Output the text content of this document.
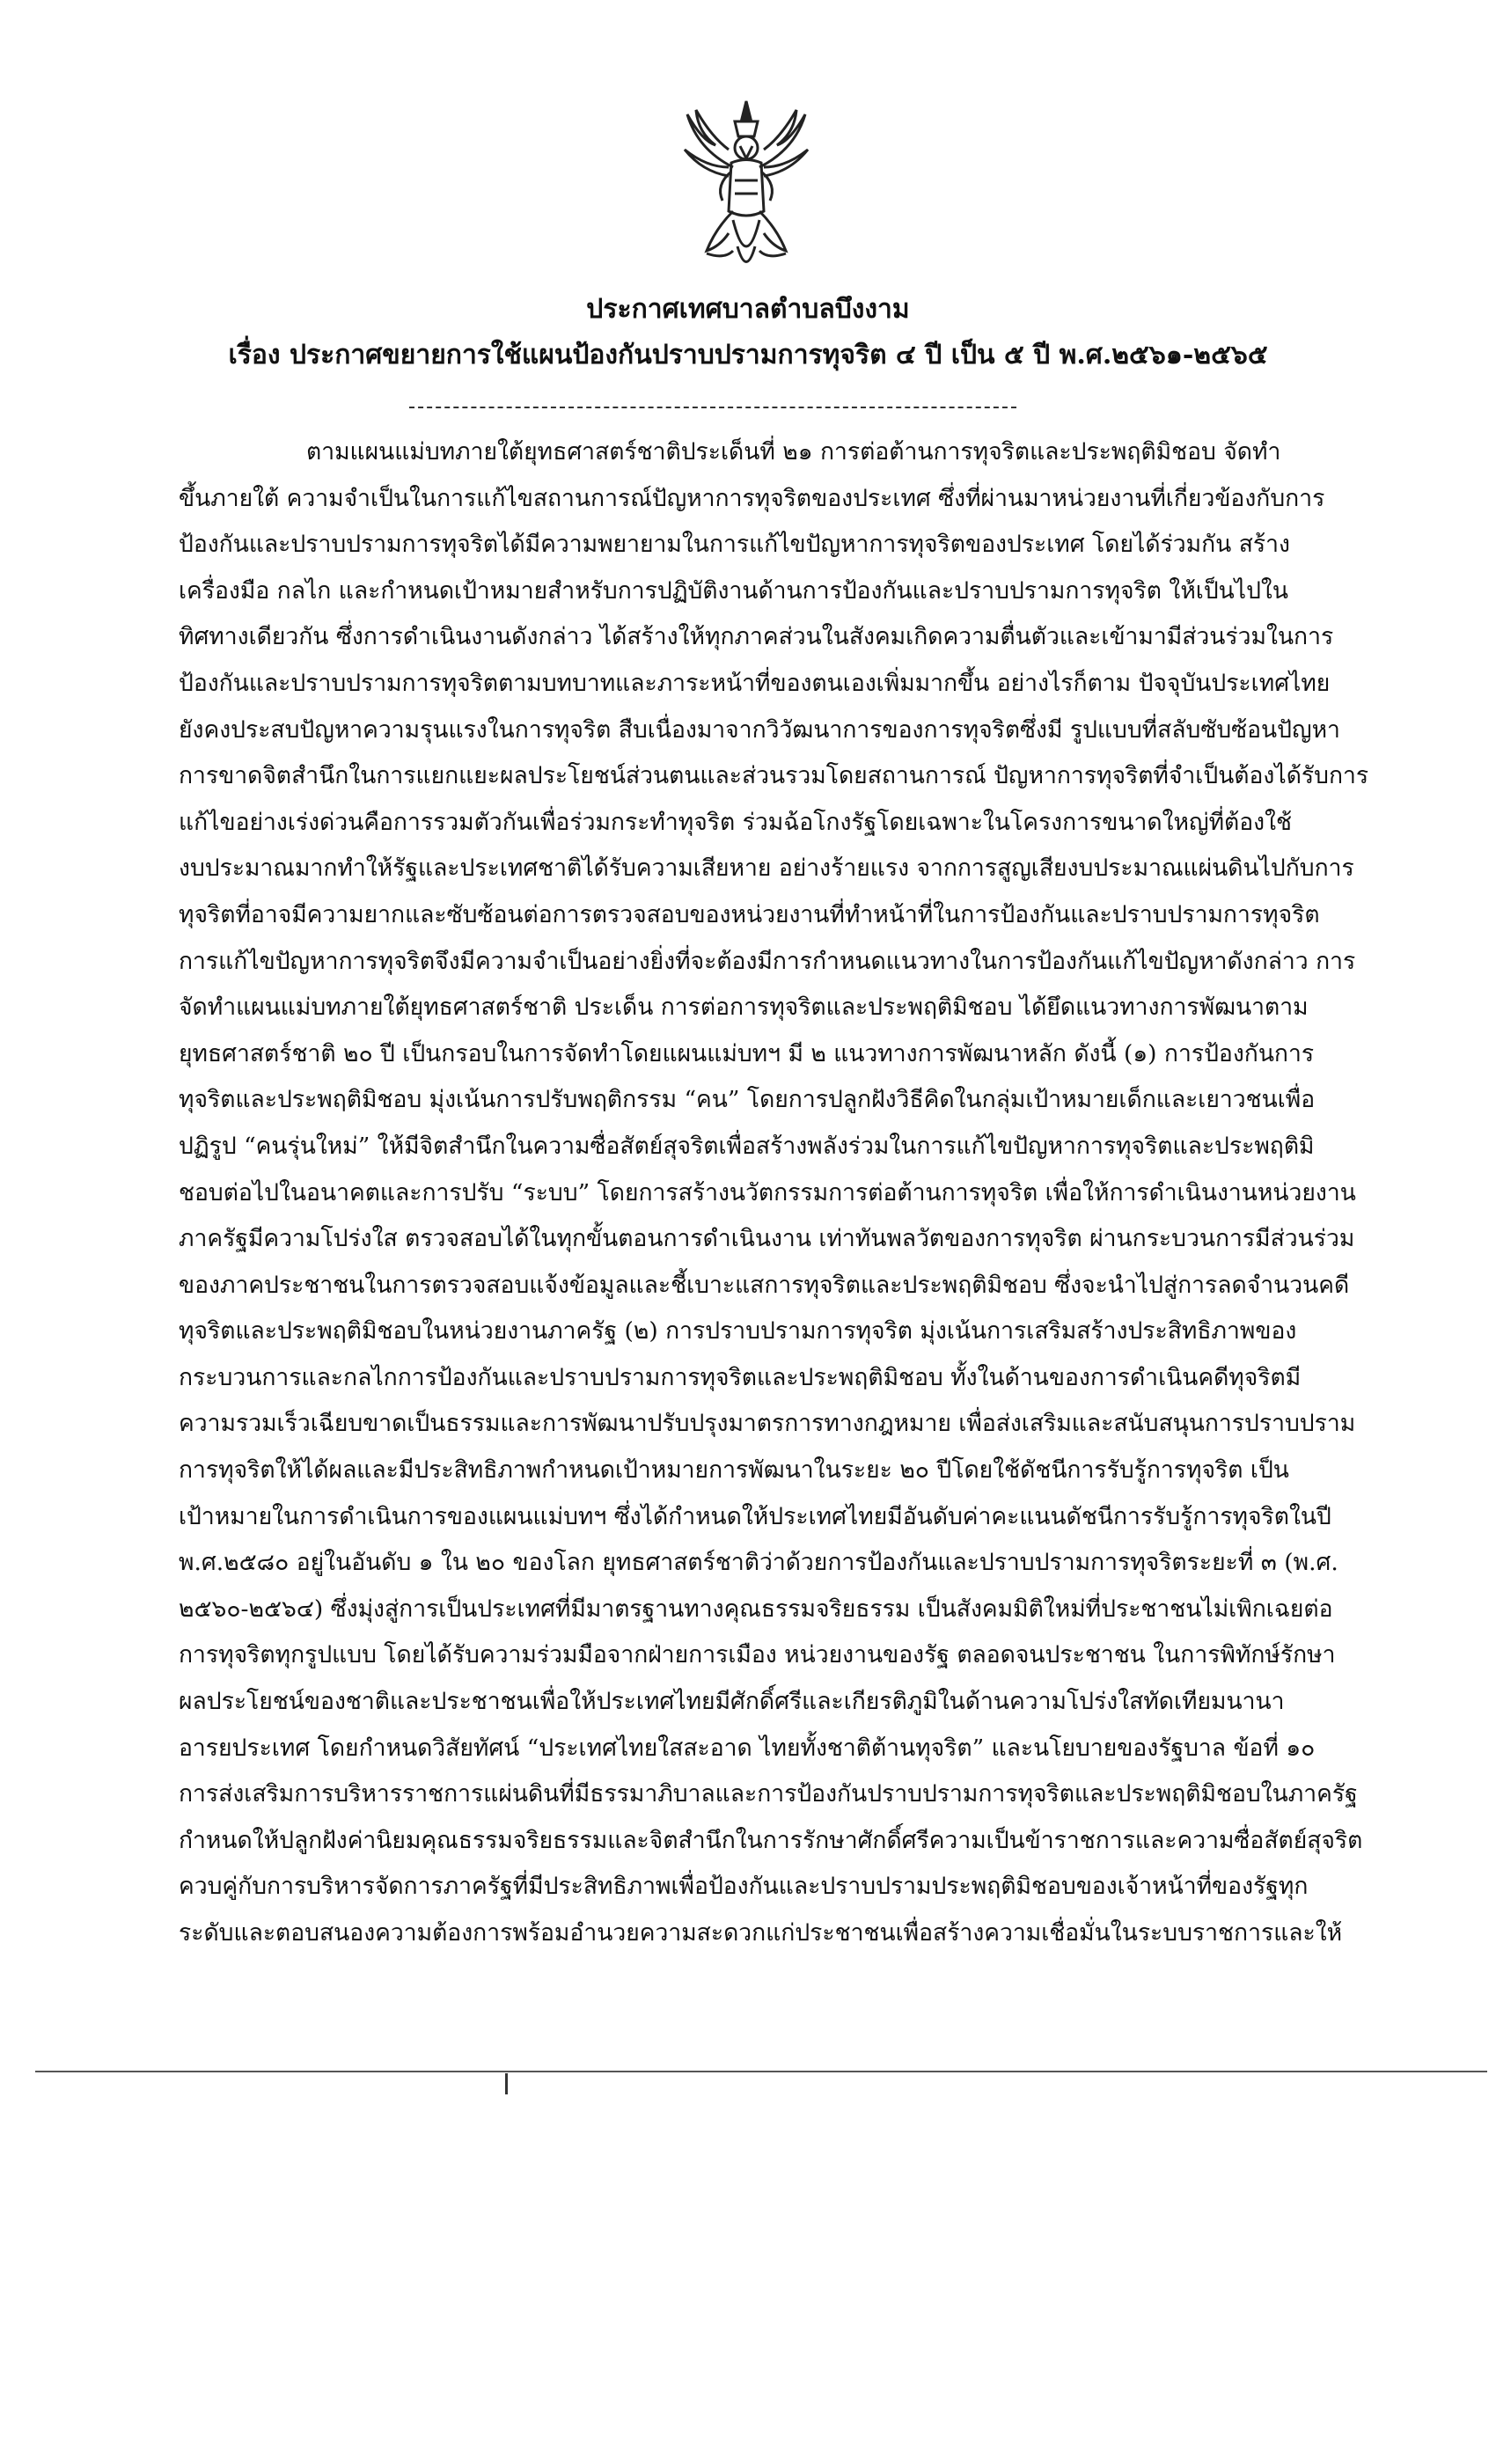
ประกาศเทศบาลตำบลบึงงาม
เรื่อง ประกาศขยายการใช้แผนป้องกันปราบปรามการทุจริต ๔ ปี เป็น ๕ ปี พ.ศ.๒๕๖๑-๒๕๖๕
ตามแผนแม่บทภายใต้ยุทธศาสตร์ชาติประเด็นที่ ๒๑ การต่อต้านการทุจริตและประพฤติมิชอบ จัดทำ
ขึ้นภายใต้ ความจำเป็นในการแก้ไขสถานการณ์ปัญหาการทุจริตของประเทศ ซึ่งที่ผ่านมาหน่วยงานที่เกี่ยวข้องกับการ
ป้องกันและปราบปรามการทุจริตได้มีความพยายามในการแก้ไขปัญหาการทุจริตของประเทศ โดยได้ร่วมกัน สร้าง
เครื่องมือ กลไก และกำหนดเป้าหมายสำหรับการปฏิบัติงานด้านการป้องกันและปราบปรามการทุจริต ให้เป็นไปใน
ทิศทางเดียวกัน ซึ่งการดำเนินงานดังกล่าว ได้สร้างให้ทุกภาคส่วนในสังคมเกิดความตื่นตัวและเข้ามามีส่วนร่วมในการ
ป้องกันและปราบปรามการทุจริตตามบทบาทและภาระหน้าที่ของตนเองเพิ่มมากขึ้น อย่างไรก็ตาม ปัจจุบันประเทศไทย
ยังคงประสบปัญหาความรุนแรงในการทุจริต สืบเนื่องมาจากวิวัฒนาการของการทุจริตซึ่งมี รูปแบบที่สลับซับซ้อนปัญหา
การขาดจิตสำนึกในการแยกแยะผลประโยชน์ส่วนตนและส่วนรวมโดยสถานการณ์ ปัญหาการทุจริตที่จำเป็นต้องได้รับการ
แก้ไขอย่างเร่งด่วนคือการรวมตัวกันเพื่อร่วมกระทำทุจริต ร่วมฉ้อโกงรัฐโดยเฉพาะในโครงการขนาดใหญ่ที่ต้องใช้
งบประมาณมากทำให้รัฐและประเทศชาติได้รับความเสียหาย อย่างร้ายแรง จากการสูญเสียงบประมาณแผ่นดินไปกับการ
ทุจริตที่อาจมีความยากและซับซ้อนต่อการตรวจสอบของหน่วยงานที่ทำหน้าที่ในการป้องกันและปราบปรามการทุจริต
การแก้ไขปัญหาการทุจริตจึงมีความจำเป็นอย่างยิ่งที่จะต้องมีการกำหนดแนวทางในการป้องกันแก้ไขปัญหาดังกล่าว การ
จัดทำแผนแม่บทภายใต้ยุทธศาสตร์ชาติ ประเด็น การต่อการทุจริตและประพฤติมิชอบ ได้ยึดแนวทางการพัฒนาตาม
ยุทธศาสตร์ชาติ ๒๐ ปี เป็นกรอบในการจัดทำโดยแผนแม่บทฯ มี ๒ แนวทางการพัฒนาหลัก ดังนี้ (๑) การป้องกันการ
ทุจริตและประพฤติมิชอบ มุ่งเน้นการปรับพฤติกรรม “คน” โดยการปลูกฝังวิธีคิดในกลุ่มเป้าหมายเด็กและเยาวชนเพื่อ
ปฏิรูป “คนรุ่นใหม่” ให้มีจิตสำนึกในความซื่อสัตย์สุจริตเพื่อสร้างพลังร่วมในการแก้ไขปัญหาการทุจริตและประพฤติมิ
ชอบต่อไปในอนาคตและการปรับ “ระบบ” โดยการสร้างนวัตกรรมการต่อต้านการทุจริต เพื่อให้การดำเนินงานหน่วยงาน
ภาครัฐมีความโปร่งใส ตรวจสอบได้ในทุกขั้นตอนการดำเนินงาน เท่าทันพลวัตของการทุจริต ผ่านกระบวนการมีส่วนร่วม
ของภาคประชาชนในการตรวจสอบแจ้งข้อมูลและชี้เบาะแสการทุจริตและประพฤติมิชอบ ซึ่งจะนำไปสู่การลดจำนวนคดี
ทุจริตและประพฤติมิชอบในหน่วยงานภาครัฐ (๒) การปราบปรามการทุจริต มุ่งเน้นการเสริมสร้างประสิทธิภาพของ
กระบวนการและกลไกการป้องกันและปราบปรามการทุจริตและประพฤติมิชอบ ทั้งในด้านของการดำเนินคดีทุจริตมี
ความรวมเร็วเฉียบขาดเป็นธรรมและการพัฒนาปรับปรุงมาตรการทางกฎหมาย เพื่อส่งเสริมและสนับสนุนการปราบปราม
การทุจริตให้ได้ผลและมีประสิทธิภาพกำหนดเป้าหมายการพัฒนาในระยะ ๒๐ ปีโดยใช้ดัชนีการรับรู้การทุจริต เป็น
เป้าหมายในการดำเนินการของแผนแม่บทฯ ซึ่งได้กำหนดให้ประเทศไทยมีอันดับค่าคะแนนดัชนีการรับรู้การทุจริตในปี
พ.ศ.๒๕๘๐ อยู่ในอันดับ ๑ ใน ๒๐ ของโลก ยุทธศาสตร์ชาติว่าด้วยการป้องกันและปราบปรามการทุจริตระยะที่ ๓ (พ.ศ.
๒๕๖๐-๒๕๖๔) ซึ่งมุ่งสู่การเป็นประเทศที่มีมาตรฐานทางคุณธรรมจริยธรรม เป็นสังคมมิติใหม่ที่ประชาชนไม่เพิกเฉยต่อ
การทุจริตทุกรูปแบบ โดยได้รับความร่วมมือจากฝ่ายการเมือง หน่วยงานของรัฐ ตลอดจนประชาชน ในการพิทักษ์รักษา
ผลประโยชน์ของชาติและประชาชนเพื่อให้ประเทศไทยมีศักดิ์ศรีและเกียรติภูมิในด้านความโปร่งใสทัดเทียมนานา
อารยประเทศ โดยกำหนดวิสัยทัศน์ “ประเทศไทยใสสะอาด ไทยทั้งชาติต้านทุจริต” และนโยบายของรัฐบาล ข้อที่ ๑๐
การส่งเสริมการบริหารราชการแผ่นดินที่มีธรรมาภิบาลและการป้องกันปราบปรามการทุจริตและประพฤติมิชอบในภาครัฐ
กำหนดให้ปลูกฝังค่านิยมคุณธรรมจริยธรรมและจิตสำนึกในการรักษาศักดิ์ศรีความเป็นข้าราชการและความซื่อสัตย์สุจริต
ควบคู่กับการบริหารจัดการภาครัฐที่มีประสิทธิภาพเพื่อป้องกันและปราบปรามประพฤติมิชอบของเจ้าหน้าที่ของรัฐทุก
ระดับและตอบสนองความต้องการพร้อมอำนวยความสะดวกแก่ประชาชนเพื่อสร้างความเชื่อมั่นในระบบราชการและให้
